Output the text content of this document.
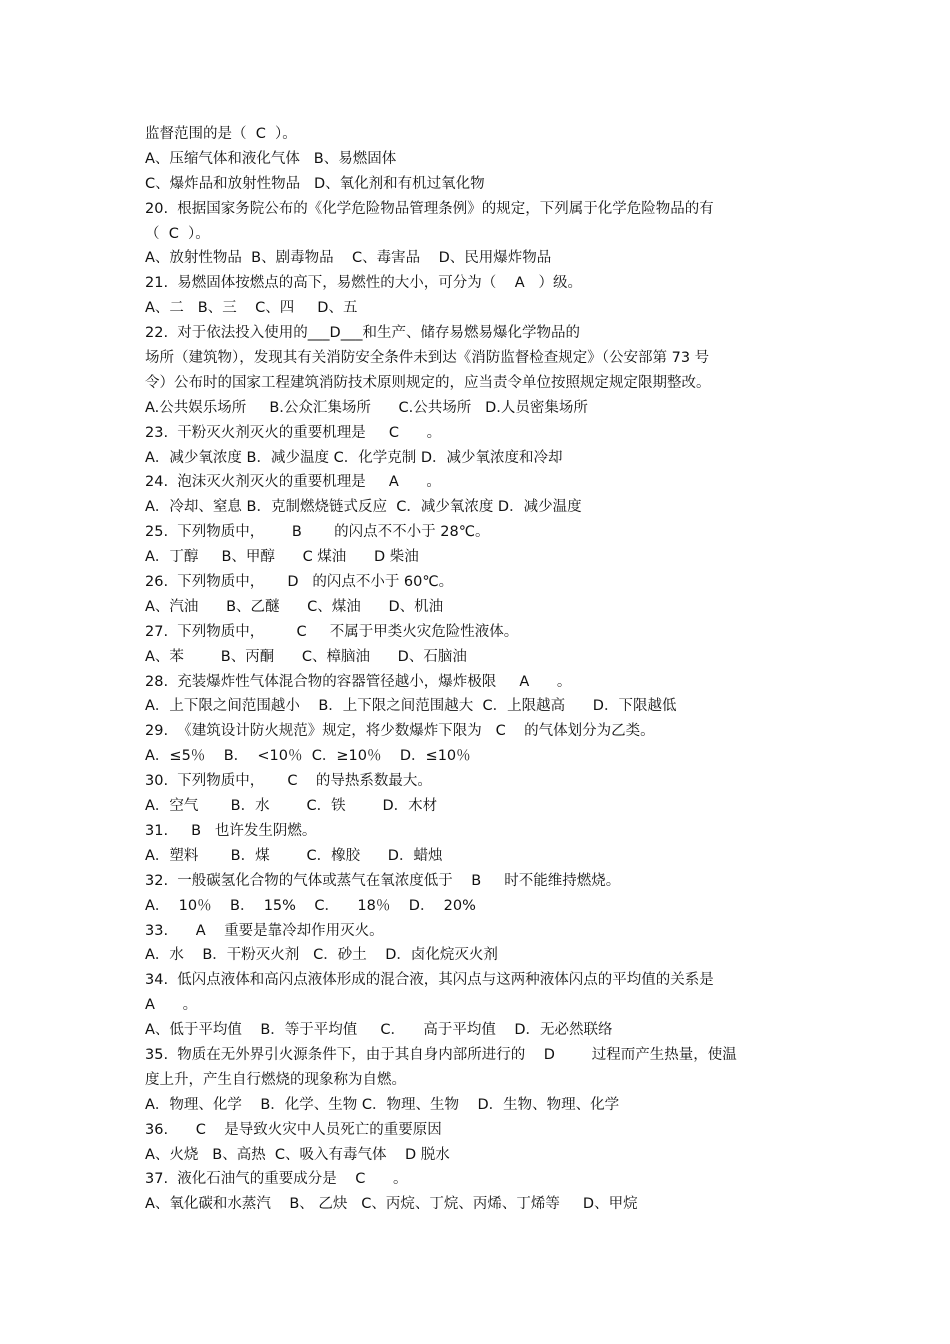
监督范围的是（  C  ）。
A、压缩气体和液化气体   B、易燃固体
C、爆炸品和放射性物品   D、氧化剂和有机过氧化物
20.  根据国家务院公布的《化学危险物品管理条例》的规定，下列属于化学危险物品的有
（  C  ）。
A、放射性物品  B、剧毒物品    C、毒害品    D、民用爆炸物品
21.  易燃固体按燃点的高下，易燃性的大小，可分为（    A   ）级。
A、二   B、三    C、四     D、五
22.  对于依法投入使用的___D___和生产、储存易燃易爆化学物品的
场所（建筑物），发现其有关消防安全条件未到达《消防监督检查规定》（公安部第 73 号
令）公布时的国家工程建筑消防技术原则规定的，应当责令单位按照规定规定限期整改。
A.公共娱乐场所     B.公众汇集场所      C.公共场所   D.人员密集场所
23.  干粉灭火剂灭火的重要机理是     C      。
A．减少氧浓度 B．减少温度 C．化学克制 D．减少氧浓度和冷却
24.  泡沫灭火剂灭火的重要机理是     A      。
A．冷却、窒息 B．克制燃烧链式反应  C．减少氧浓度 D．减少温度
25.  下列物质中，      B       的闪点不不小于 28℃。
A．丁醇     B、甲醇      C 煤油      D 柴油
26.  下列物质中，     D   的闪点不小于 60℃。
A、汽油      B、乙醚      C、煤油      D、机油
27.  下列物质中，       C     不属于甲类火灾危险性液体。
A、苯        B、丙酮      C、樟脑油      D、石脑油
28.  充装爆炸性气体混合物的容器管径越小，爆炸极限     A      。
A．上下限之间范围越小    B．上下限之间范围越大  C．上限越高      D．下限越低
29.  《建筑设计防火规范》规定，将少数爆炸下限为   C    的气体划分为乙类。
A．≤5％    B．  <10％  C．≥10％    D．≤10％
30.  下列物质中，     C    的导热系数最大。
A．空气       B．水        C．铁        D．木材
31.     B   也许发生阴燃。
A．塑料       B．煤        C．橡胶      D．蜡烛
32.  一般碳氢化合物的气体或蒸气在氧浓度低于    B     时不能维持燃烧。
A．  10％    B．  15%    C．    18％    D．  20%
33.      A    重要是靠冷却作用灭火。
A．水    B．干粉灭火剂   C．砂土    D．卤化烷灭火剂
34.  低闪点液体和高闪点液体形成的混合液，其闪点与这两种液体闪点的平均值的关系是
A      。
A、低于平均值    B．等于平均值     C．    高于平均值    D．无必然联络
35.  物质在无外界引火源条件下，由于其自身内部所进行的    D        过程而产生热量，使温
度上升，产生自行燃烧的现象称为自燃。
A．物理、化学    B．化学、生物 C．物理、生物    D．生物、物理、化学
36.      C    是导致火灾中人员死亡的重要原因
A、火烧   B、高热  C、吸入有毒气体    D 脱水
37.  液化石油气的重要成分是    C      。
A、氧化碳和水蒸汽    B、 乙炔   C、丙烷、丁烷、丙烯、丁烯等     D、甲烷
